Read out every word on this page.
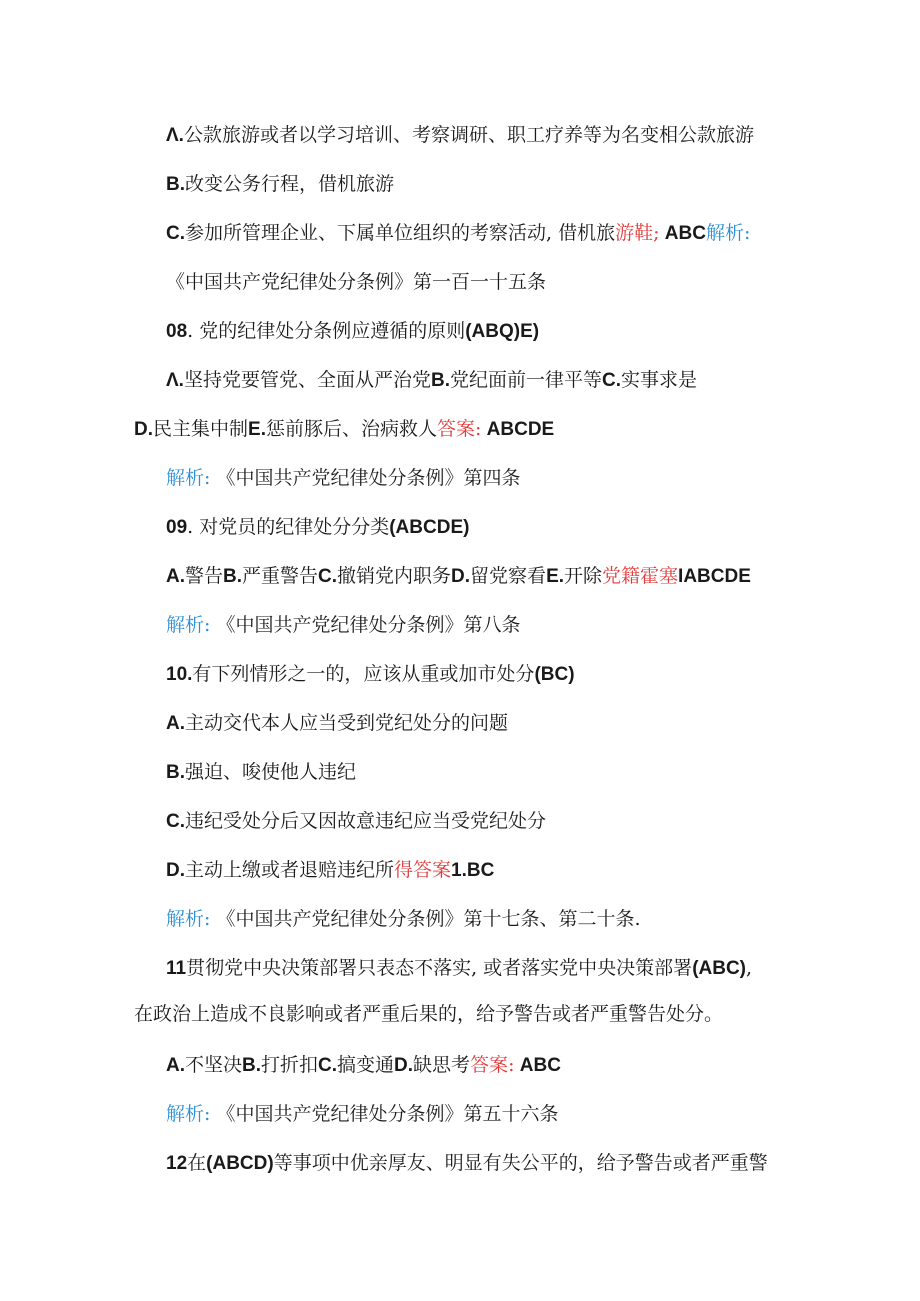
Λ.公款旅游或者以学习培训、考察调研、职工疗养等为名变相公款旅游
B.改变公务行程，借机旅游
C.参加所管理企业、下属单位组织的考察活动, 借机旅游鞋; ABC解析:
《中国共产党纪律处分条例》第一百一十五条
08. 党的纪律处分条例应遵循的原则(ABQ)E)
Λ.坚持党要管党、全面从严治党B.党纪面前一律平等C.实事求是
D.民主集中制E.惩前豚后、治病救人答案: ABCDE
解析: 《中国共产党纪律处分条例》第四条
09. 对党员的纪律处分分类(ABCDE)
A.警告B.严重警告C.撤销党内职务D.留党察看E.开除党籍霍塞IABCDE
解析: 《中国共产党纪律处分条例》第八条
10.有下列情形之一的，应该从重或加市处分(BC)
A.主动交代本人应当受到党纪处分的问题
B.强迫、唆使他人违纪
C.违纪受处分后又因故意违纪应当受党纪处分
D.主动上缴或者退赔违纪所得答案1.BC
解析: 《中国共产党纪律处分条例》第十七条、第二十条.
11贯彻党中央决策部署只表态不落实, 或者落实党中央决策部署(ABC),
在政治上造成不良影响或者严重后果的，给予警告或者严重警告处分。
A.不坚决B.打折扣C.搞变通D.缺思考答案: ABC
解析: 《中国共产党纪律处分条例》第五十六条
12在(ABCD)等事项中优亲厚友、明显有失公平的，给予警告或者严重警
